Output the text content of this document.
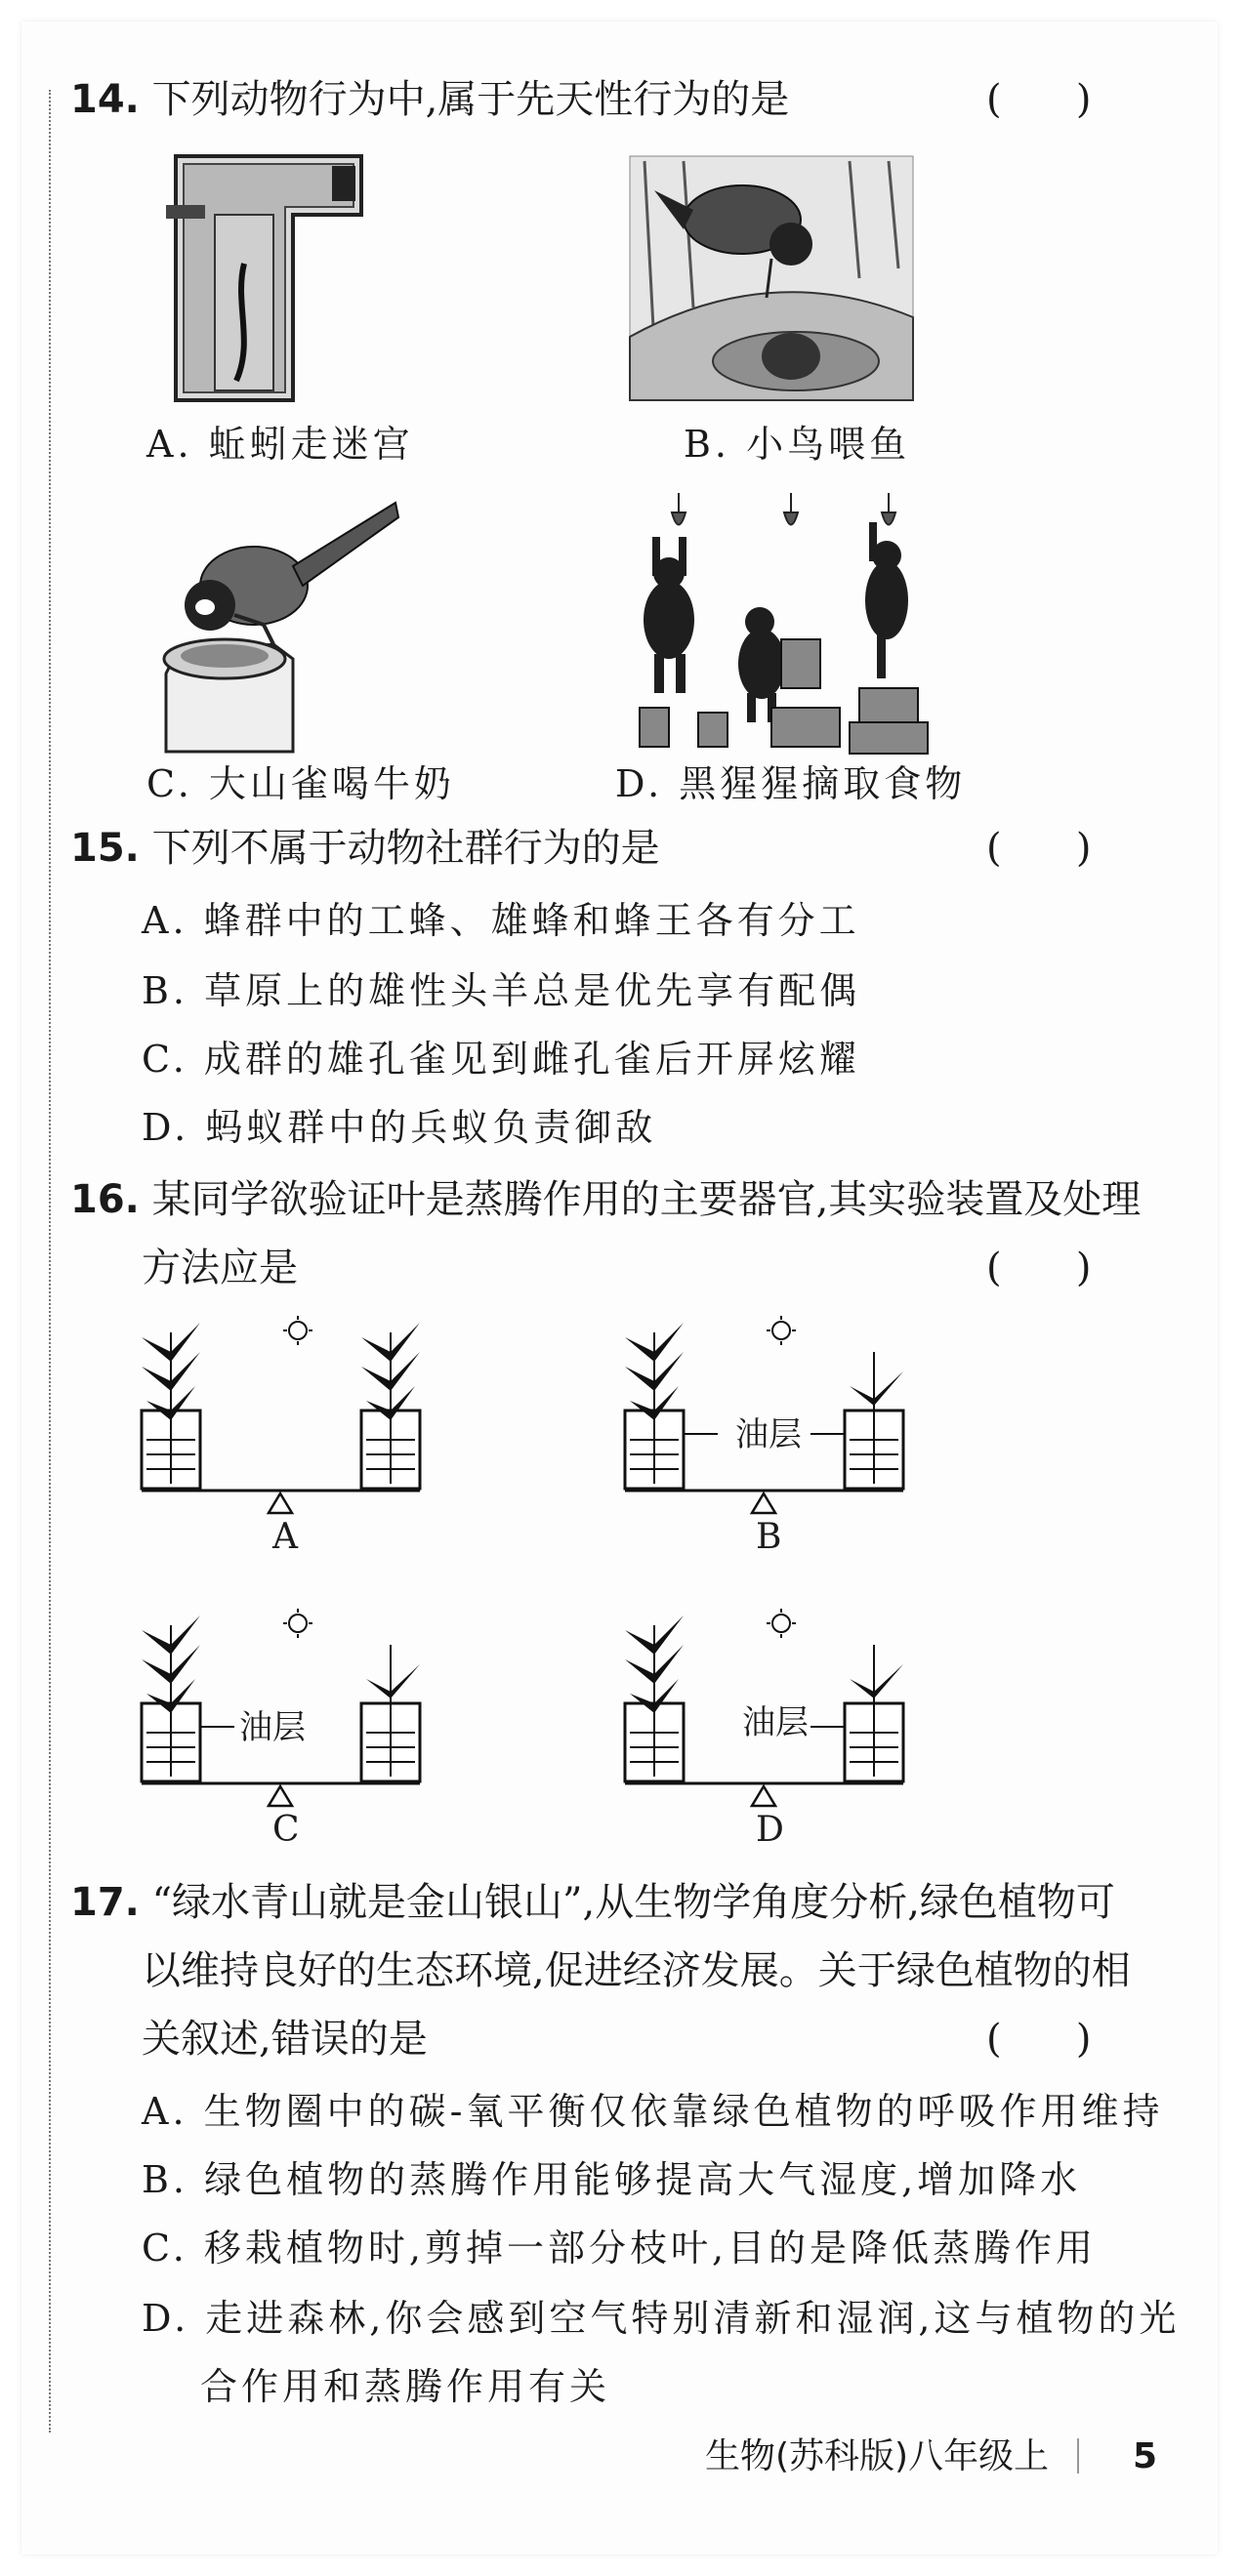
14. 下列动物行为中,属于先天性行为的是	(      )
A. 蚯蚓走迷宫	B. 小鸟喂鱼
C. 大山雀喝牛奶	D. 黑猩猩摘取食物
15. 下列不属于动物社群行为的是	(      )
A. 蜂群中的工蜂、雄蜂和蜂王各有分工
B. 草原上的雄性头羊总是优先享有配偶
C. 成群的雄孔雀见到雌孔雀后开屏炫耀
D. 蚂蚁群中的兵蚁负责御敌
16. 某同学欲验证叶是蒸腾作用的主要器官,其实验装置及处理
方法应是	(      )
A
油层
B
油层
C
油层
D
17. “绿水青山就是金山银山”,从生物学角度分析,绿色植物可
以维持良好的生态环境,促进经济发展。关于绿色植物的相
关叙述,错误的是	(      )
A. 生物圈中的碳-氧平衡仅依靠绿色植物的呼吸作用维持
B. 绿色植物的蒸腾作用能够提高大气湿度,增加降水
C. 移栽植物时,剪掉一部分枝叶,目的是降低蒸腾作用
D. 走进森林,你会感到空气特别清新和湿润,这与植物的光
合作用和蒸腾作用有关
生物(苏科版)八年级上 5
